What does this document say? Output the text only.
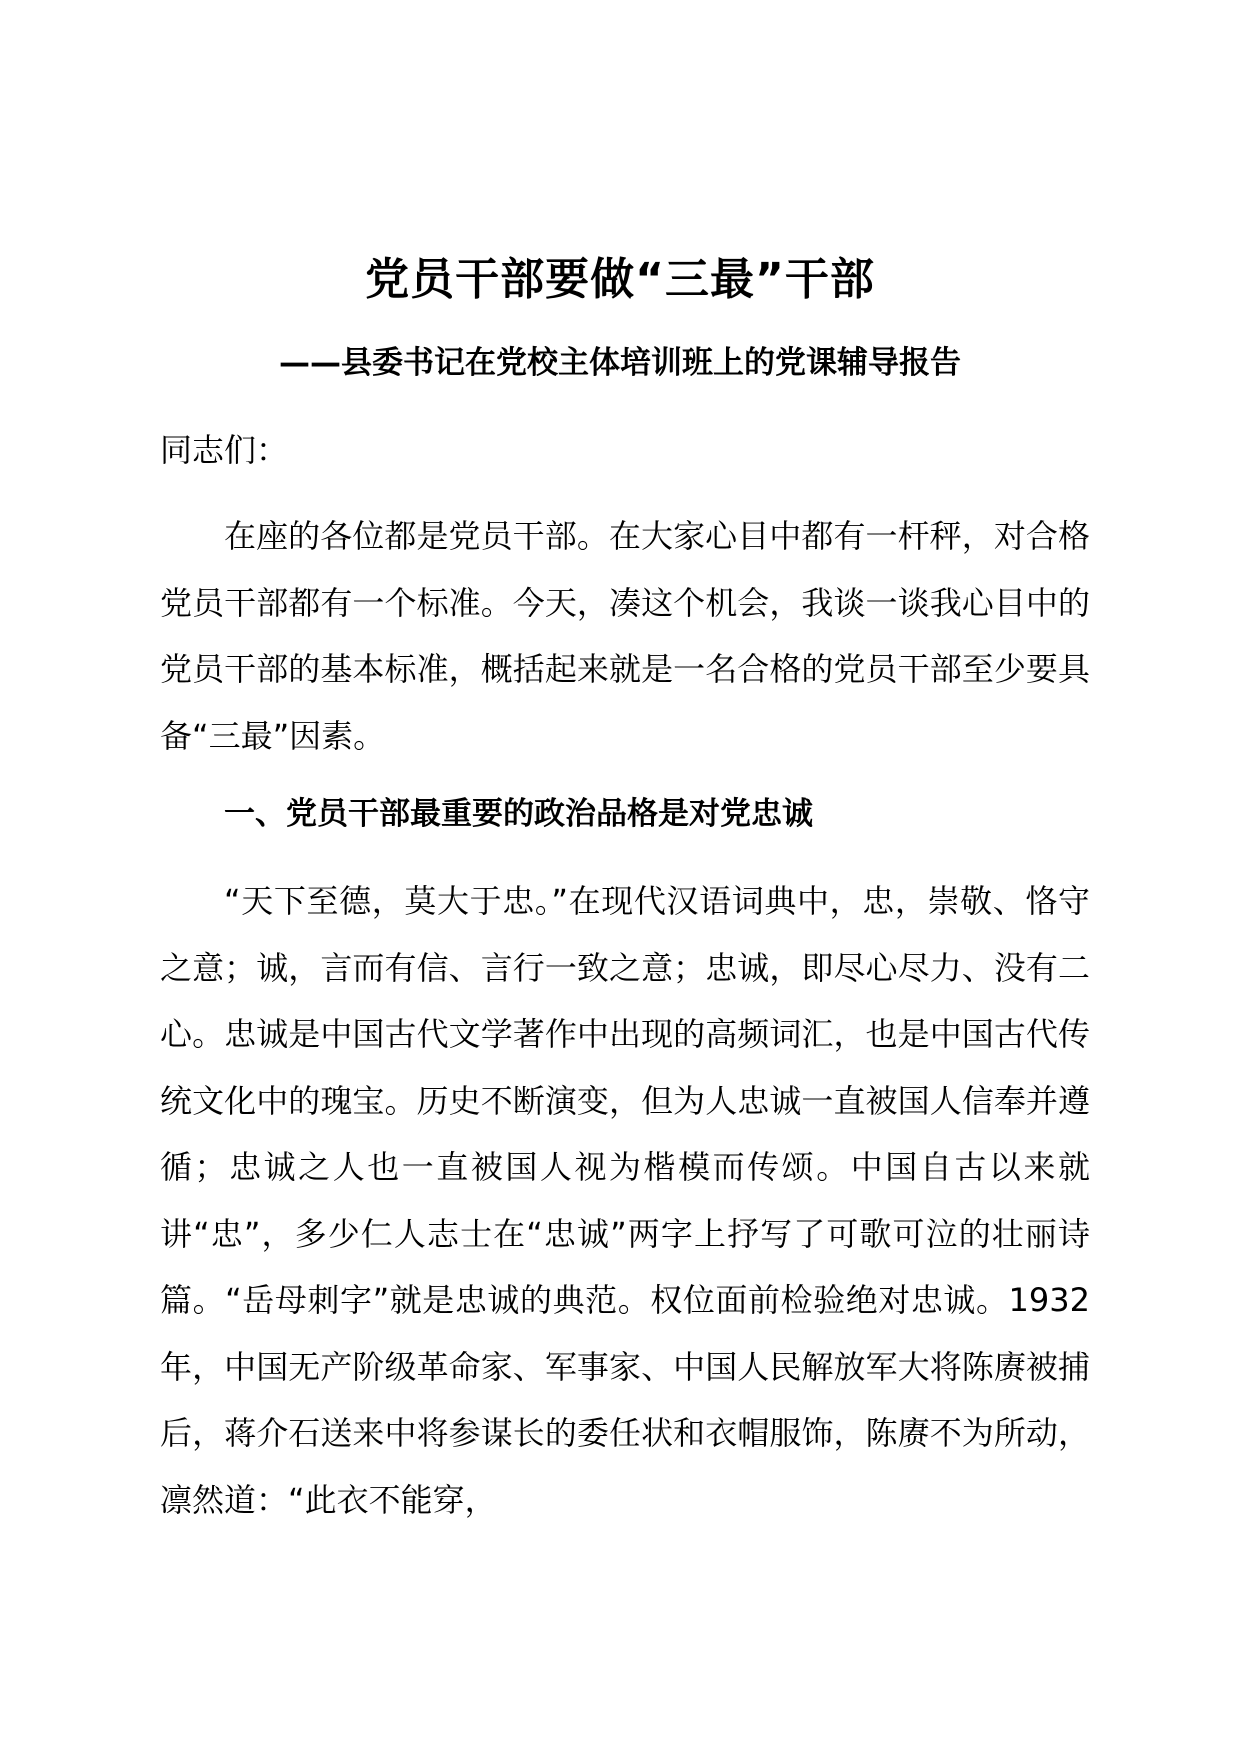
党员干部要做“三最”干部
——县委书记在党校主体培训班上的党课辅导报告
同志们：
在座的各位都是党员干部。在大家心目中都有一杆秤，对合格党员干部都有一个标准。今天，凑这个机会，我谈一谈我心目中的党员干部的基本标准，概括起来就是一名合格的党员干部至少要具备“三最”因素。
一、党员干部最重要的政治品格是对党忠诚
“天下至德，莫大于忠。”在现代汉语词典中，忠，崇敬、恪守之意；诚，言而有信、言行一致之意；忠诚，即尽心尽力、没有二心。忠诚是中国古代文学著作中出现的高频词汇，也是中国古代传统文化中的瑰宝。历史不断演变，但为人忠诚一直被国人信奉并遵循；忠诚之人也一直被国人视为楷模而传颂。中国自古以来就讲“忠”，多少仁人志士在“忠诚”两字上抒写了可歌可泣的壮丽诗篇。“岳母刺字”就是忠诚的典范。权位面前检验绝对忠诚。1932年，中国无产阶级革命家、军事家、中国人民解放军大将陈赓被捕后，蒋介石送来中将参谋长的委任状和衣帽服饰，陈赓不为所动，凛然道：“此衣不能穿，
